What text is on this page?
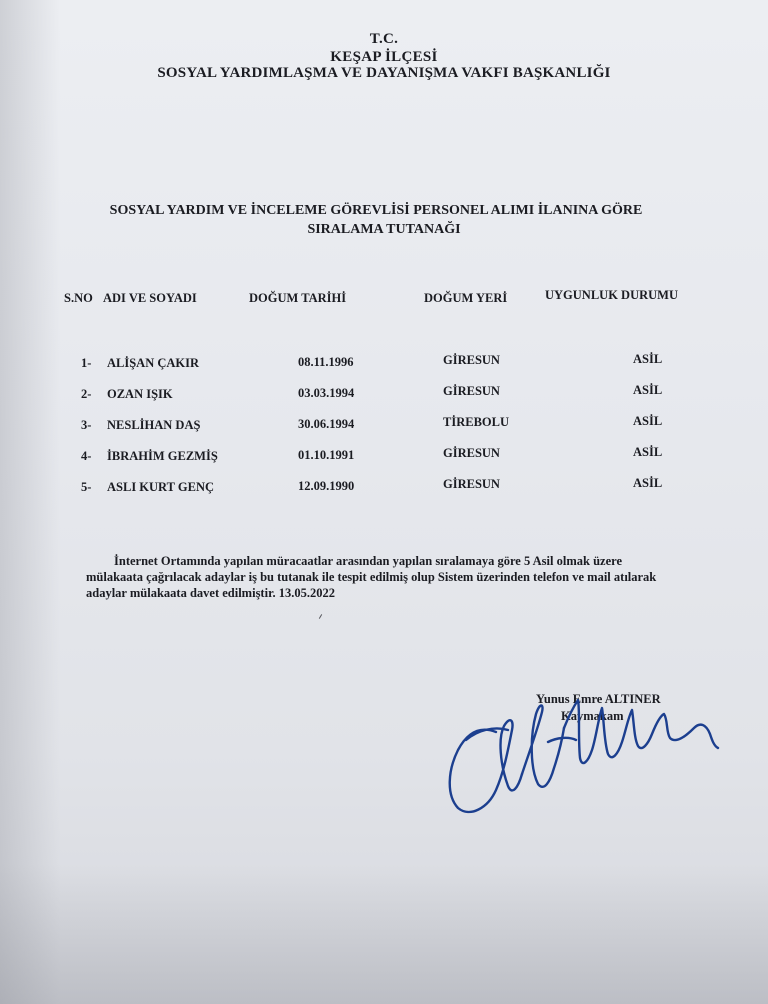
T.C.
KEŞAP İLÇESİ
SOSYAL YARDIMLAŞMA VE DAYANIŞMA VAKFI BAŞKANLIĞI
SOSYAL YARDIM VE İNCELEME GÖREVLİSİ PERSONEL ALIMI İLANINA GÖRE
SIRALAMA TUTANAĞI
S.NO ADI VE SOYADI	DOĞUM TARİHİ	DOĞUM YERİ	UYGUNLUK DURUMU
1- ALİŞAN ÇAKIR	08.11.1996	GİRESUN	ASİL
2- OZAN IŞIK	03.03.1994	GİRESUN	ASİL
3- NESLİHAN DAŞ	30.06.1994	TİREBOLU	ASİL
4- İBRAHİM GEZMİŞ	01.10.1991	GİRESUN	ASİL
5- ASLI KURT GENÇ	12.09.1990	GİRESUN	ASİL
İnternet Ortamında yapılan müracaatlar arasından yapılan sıralamaya göre 5 Asil olmak üzere
mülakaata çağrılacak adaylar iş bu tutanak ile tespit edilmiş olup Sistem üzerinden telefon ve mail atılarak
adaylar mülakaata davet edilmiştir. 13.05.2022
Yunus Emre ALTINER
Kaymakam
